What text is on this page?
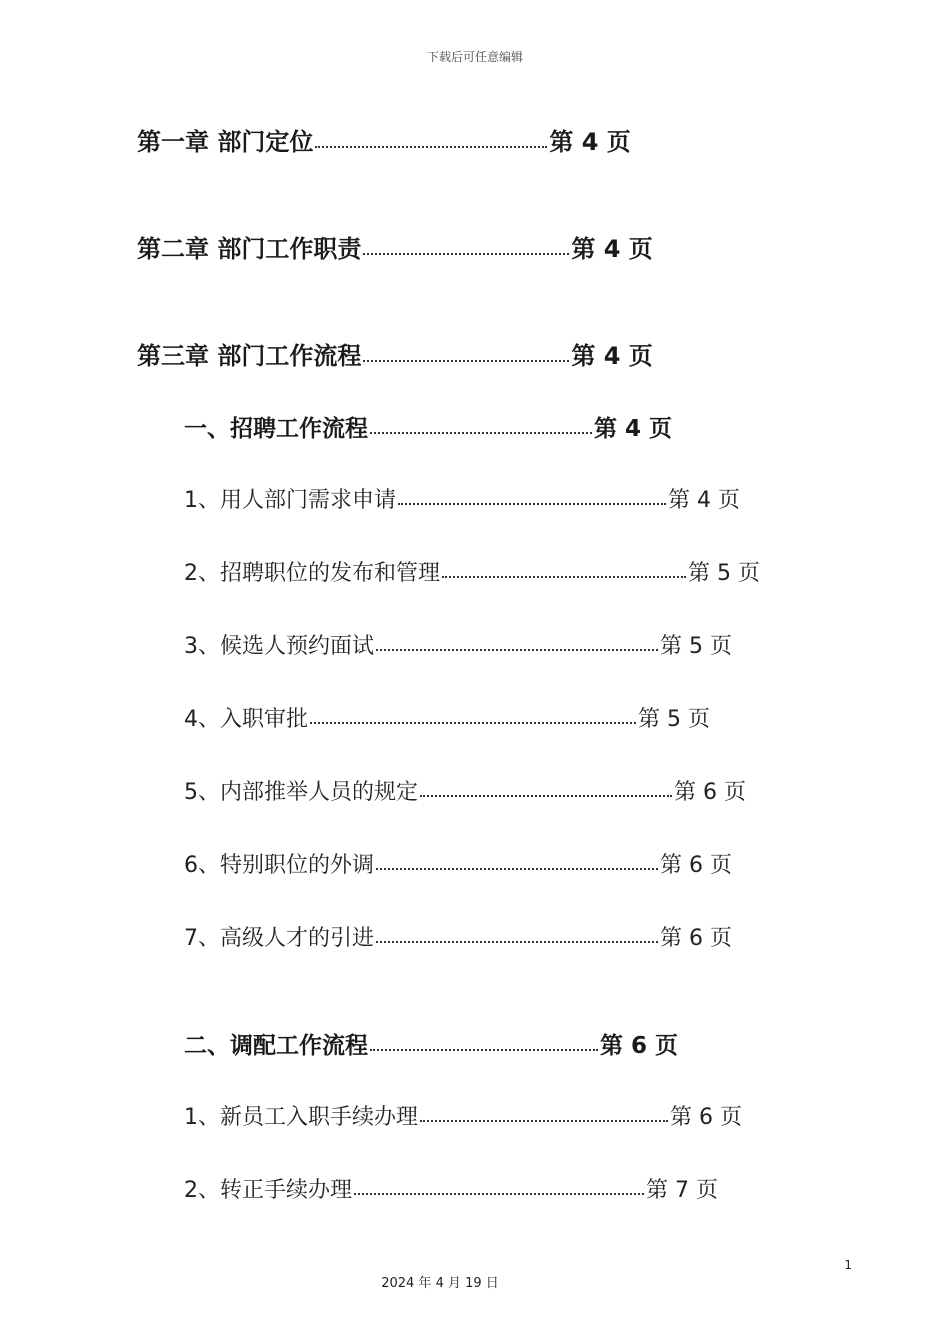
下载后可任意编辑
第一章 部门定位	第 4 页
第二章 部门工作职责	第 4 页
第三章 部门工作流程	第 4 页
一、招聘工作流程	第 4 页
1、用人部门需求申请	第 4 页
2、招聘职位的发布和管理	第 5 页
3、候选人预约面试	第 5 页
4、入职审批	第 5 页
5、内部推举人员的规定	第 6 页
6、特别职位的外调	第 6 页
7、高级人才的引进	第 6 页
二、调配工作流程	第 6 页
1、新员工入职手续办理	第 6 页
2、转正手续办理	第 7 页
1
2024 年 4 月 19 日
